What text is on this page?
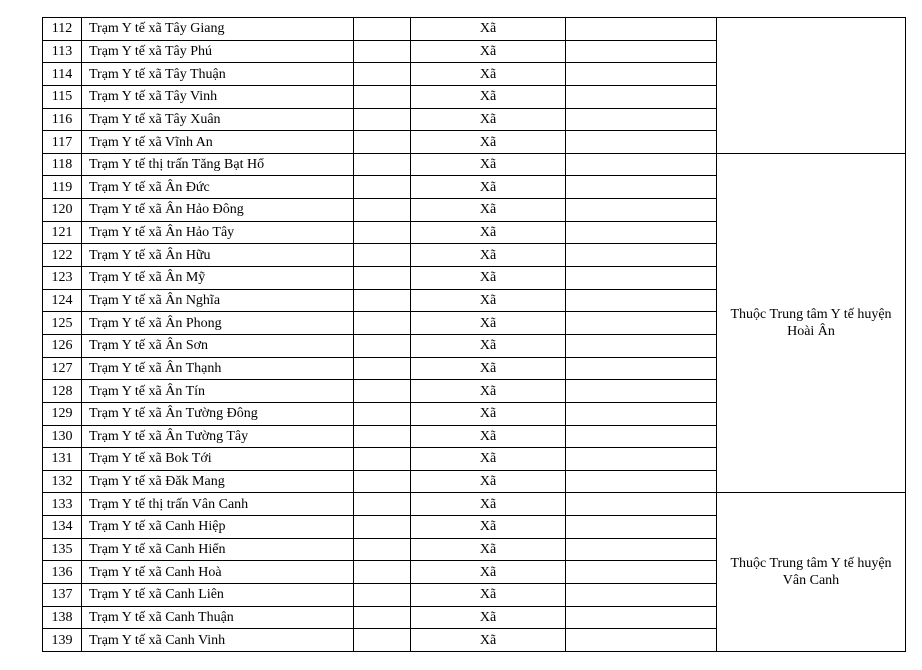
112	Trạm Y tế xã Tây Giang		Xã		
113	Trạm Y tế xã Tây Phú		Xã		
114	Trạm Y tế xã Tây Thuận		Xã		
115	Trạm Y tế xã Tây Vinh		Xã		
116	Trạm Y tế xã Tây Xuân		Xã		
117	Trạm Y tế xã Vĩnh An		Xã		
118	Trạm Y tế thị trấn Tăng Bạt Hổ		Xã		Thuộc Trung tâm Y tế huyện Hoài Ân
119	Trạm Y tế xã Ân Đức		Xã		
120	Trạm Y tế xã Ân Hảo Đông		Xã		
121	Trạm Y tế xã Ân Hảo Tây		Xã		
122	Trạm Y tế xã Ân Hữu		Xã		
123	Trạm Y tế xã Ân Mỹ		Xã		
124	Trạm Y tế xã Ân Nghĩa		Xã		
125	Trạm Y tế xã Ân Phong		Xã		
126	Trạm Y tế xã Ân Sơn		Xã		
127	Trạm Y tế xã Ân Thạnh		Xã		
128	Trạm Y tế xã Ân Tín		Xã		
129	Trạm Y tế xã Ân Tường Đông		Xã		
130	Trạm Y tế xã Ân Tường Tây		Xã		
131	Trạm Y tế xã Bok Tới		Xã		
132	Trạm Y tế xã Đăk Mang		Xã		
133	Trạm Y tế thị trấn Vân Canh		Xã		Thuộc Trung tâm Y tế huyện Vân Canh
134	Trạm Y tế xã Canh Hiệp		Xã		
135	Trạm Y tế xã Canh Hiển		Xã		
136	Trạm Y tế xã Canh Hoà		Xã		
137	Trạm Y tế xã Canh Liên		Xã		
138	Trạm Y tế xã Canh Thuận		Xã		
139	Trạm Y tế xã Canh Vinh		Xã		
